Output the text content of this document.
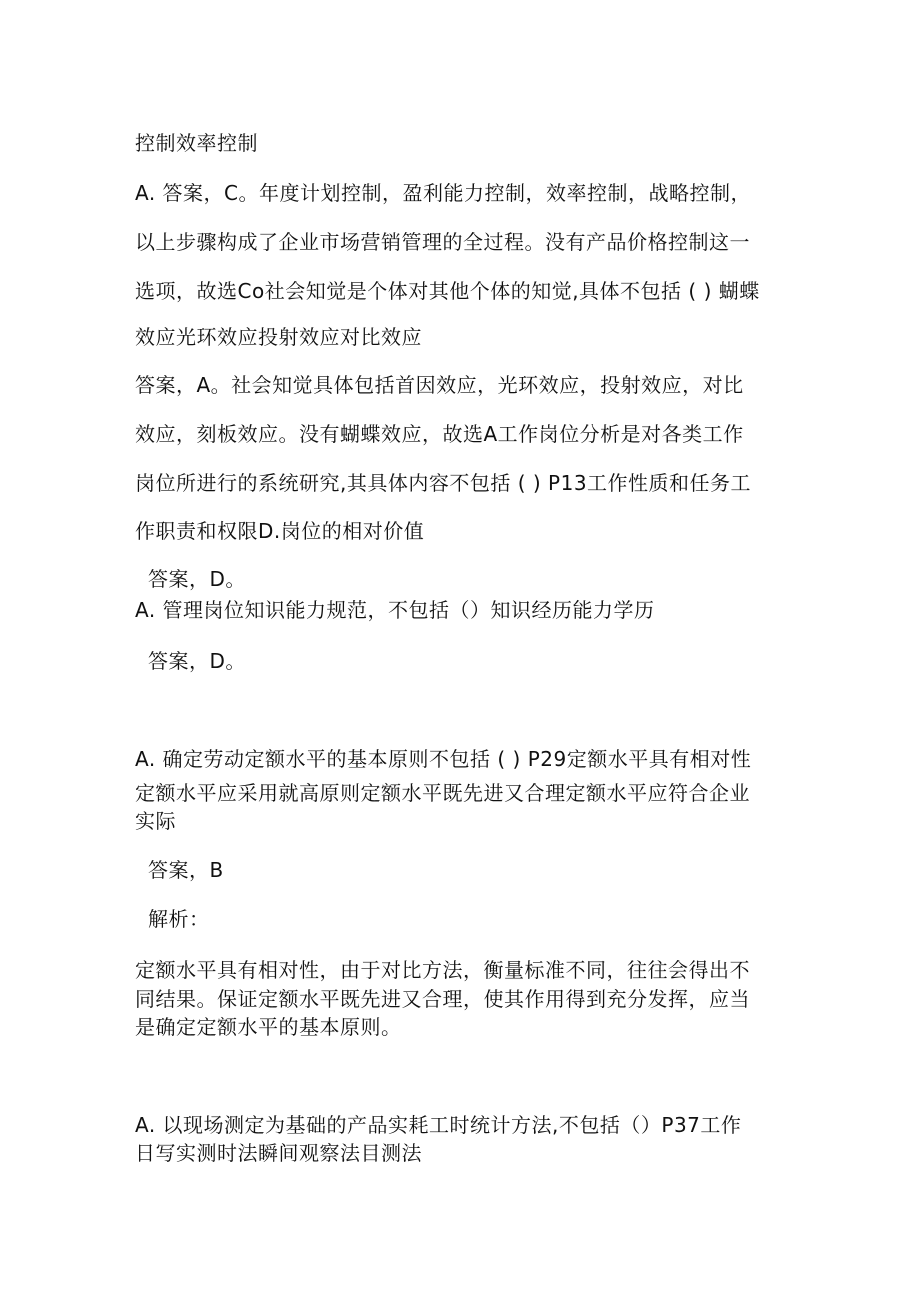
控制效率控制

A. 答案，C。年度计划控制，盈利能力控制，效率控制，战略控制，

以上步骤构成了企业市场营销管理的全过程。没有产品价格控制这一

选项，故选Co社会知觉是个体对其他个体的知觉,具体不包括 ( ) 蝴蝶

效应光环效应投射效应对比效应

答案，A。社会知觉具体包括首因效应，光环效应，投射效应，对比

效应，刻板效应。没有蝴蝶效应，故选A工作岗位分析是对各类工作

岗位所进行的系统研究,其具体内容不包括 ( ) P13工作性质和任务工

作职责和权限D.岗位的相对价值

答案，D。

A. 管理岗位知识能力规范，不包括（）知识经历能力学历

答案，D。

A. 确定劳动定额水平的基本原则不包括 ( ) P29定额水平具有相对性

定额水平应采用就高原则定额水平既先进又合理定额水平应符合企业

实际

答案，B

解析：

定额水平具有相对性，由于对比方法，衡量标准不同，往往会得出不

同结果。保证定额水平既先进又合理，使其作用得到充分发挥，应当

是确定定额水平的基本原则。

A. 以现场测定为基础的产品实耗工时统计方法,不包括（）P37工作

日写实测时法瞬间观察法目测法
